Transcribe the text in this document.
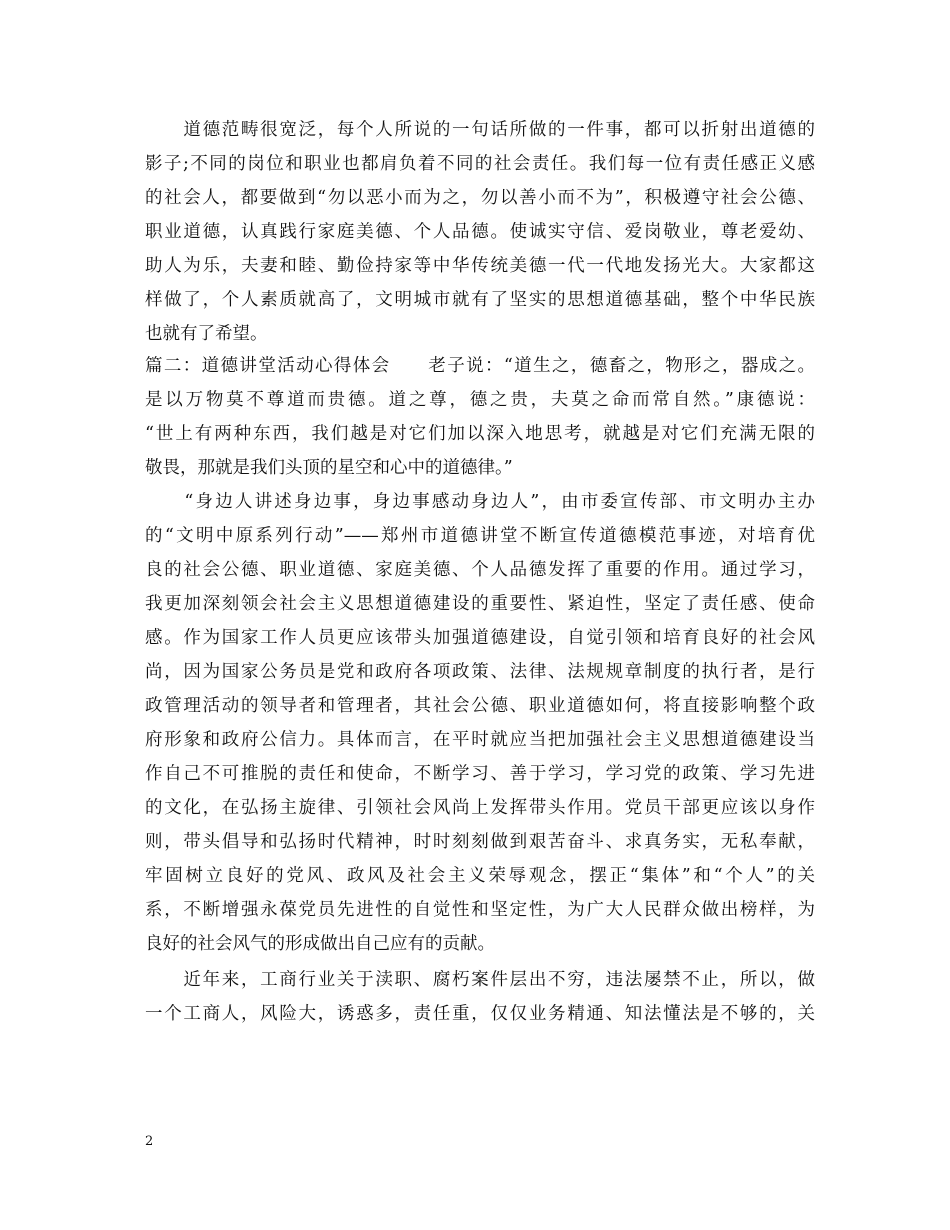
　　道德范畴很宽泛，每个人所说的一句话所做的一件事，都可以折射出道德的
影子;不同的岗位和职业也都肩负着不同的社会责任。我们每一位有责任感正义感
的社会人，都要做到“勿以恶小而为之，勿以善小而不为”，积极遵守社会公德、
职业道德，认真践行家庭美德、个人品德。使诚实守信、爱岗敬业，尊老爱幼、
助人为乐，夫妻和睦、勤俭持家等中华传统美德一代一代地发扬光大。大家都这
样做了，个人素质就高了，文明城市就有了坚实的思想道德基础，整个中华民族
也就有了希望。
篇二：道德讲堂活动心得体会　　老子说：“道生之，德畜之，物形之，器成之。
是以万物莫不尊道而贵德。道之尊，德之贵，夫莫之命而常自然。”康德说：
“世上有两种东西，我们越是对它们加以深入地思考，就越是对它们充满无限的
敬畏，那就是我们头顶的星空和心中的道德律。”
　　“身边人讲述身边事，身边事感动身边人”，由市委宣传部、市文明办主办
的“文明中原系列行动”——郑州市道德讲堂不断宣传道德模范事迹，对培育优
良的社会公德、职业道德、家庭美德、个人品德发挥了重要的作用。通过学习，
我更加深刻领会社会主义思想道德建设的重要性、紧迫性，坚定了责任感、使命
感。作为国家工作人员更应该带头加强道德建设，自觉引领和培育良好的社会风
尚，因为国家公务员是党和政府各项政策、法律、法规规章制度的执行者，是行
政管理活动的领导者和管理者，其社会公德、职业道德如何，将直接影响整个政
府形象和政府公信力。具体而言，在平时就应当把加强社会主义思想道德建设当
作自己不可推脱的责任和使命，不断学习、善于学习，学习党的政策、学习先进
的文化，在弘扬主旋律、引领社会风尚上发挥带头作用。党员干部更应该以身作
则，带头倡导和弘扬时代精神，时时刻刻做到艰苦奋斗、求真务实，无私奉献，
牢固树立良好的党风、政风及社会主义荣辱观念，摆正“集体”和“个人”的关
系，不断增强永葆党员先进性的自觉性和坚定性，为广大人民群众做出榜样，为
良好的社会风气的形成做出自己应有的贡献。
　　近年来，工商行业关于渎职、腐朽案件层出不穷，违法屡禁不止，所以，做
一个工商人，风险大，诱惑多，责任重，仅仅业务精通、知法懂法是不够的，关
2
